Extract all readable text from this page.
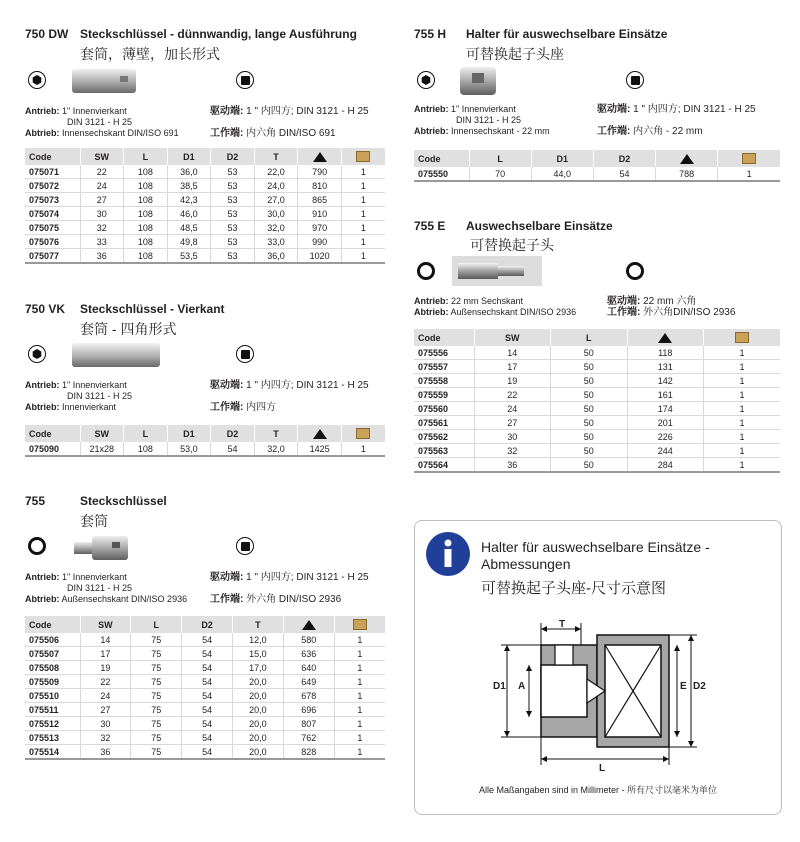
750 DW Steckschlüssel - dünnwandig, lange Ausführung
套筒，薄壁，加长形式
Antrieb: 1" Innenvierkant
DIN 3121 - H 25
Abtrieb: Innensechskant DIN/ISO 691
驱动端: 1 " 内四方; DIN 3121 - H 25
工作端: 内六角 DIN/ISO 691
Code	SW	L	D1	D2	T		
075071	22	108	36,0	53	22,0	790	1
075072	24	108	38,5	53	24,0	810	1
075073	27	108	42,3	53	27,0	865	1
075074	30	108	46,0	53	30,0	910	1
075075	32	108	48,5	53	32,0	970	1
075076	33	108	49,8	53	33,0	990	1
075077	36	108	53,5	53	36,0	1020	1
750 VK Steckschlüssel - Vierkant
套筒 - 四角形式
Antrieb: 1" Innenvierkant
DIN 3121 - H 25
Abtrieb: Innenvierkant
驱动端: 1 " 内四方; DIN 3121 - H 25
工作端: 内四方
Code	SW	L	D1	D2	T		
075090	21x28	108	53,0	54	32,0	1425	1
755	Steckschlüssel
套筒
Antrieb: 1" Innenvierkant
DIN 3121 - H 25
Abtrieb: Außensechskant DIN/ISO 2936
驱动端: 1 " 内四方; DIN 3121 - H 25
工作端: 外六角 DIN/ISO 2936
Code	SW	L	D2	T		
075506	14	75	54	12,0	580	1
075507	17	75	54	15,0	636	1
075508	19	75	54	17,0	640	1
075509	22	75	54	20,0	649	1
075510	24	75	54	20,0	678	1
075511	27	75	54	20,0	696	1
075512	30	75	54	20,0	807	1
075513	32	75	54	20,0	762	1
075514	36	75	54	20,0	828	1
755 H Halter für auswechselbare Einsätze
可替换起子头座
Antrieb: 1" Innenvierkant
DIN 3121 - H 25
Abtrieb: Innensechskant - 22 mm
驱动端: 1 " 内四方; DIN 3121 - H 25
工作端: 内六角 - 22 mm
Code	L	D1	D2		
075550	70	44,0	54	788	1
755 E Auswechselbare Einsätze
可替换起子头
Antrieb: 22 mm Sechskant
Abtrieb: Außensechskant DIN/ISO 2936
驱动端: 22 mm 六角
工作端: 外六角DIN/ISO 2936
Code	SW	L		
075556	14	50	118	1
075557	17	50	131	1
075558	19	50	142	1
075559	22	50	161	1
075560	24	50	174	1
075561	27	50	201	1
075562	30	50	226	1
075563	32	50	244	1
075564	36	50	284	1
Halter für auswechselbare Einsätze - Abmessungen
可替换起子头座-尺寸示意图
T
D1 A	E D2
L
Alle Maßangaben sind in Millimeter - 所有尺寸以毫米为单位
